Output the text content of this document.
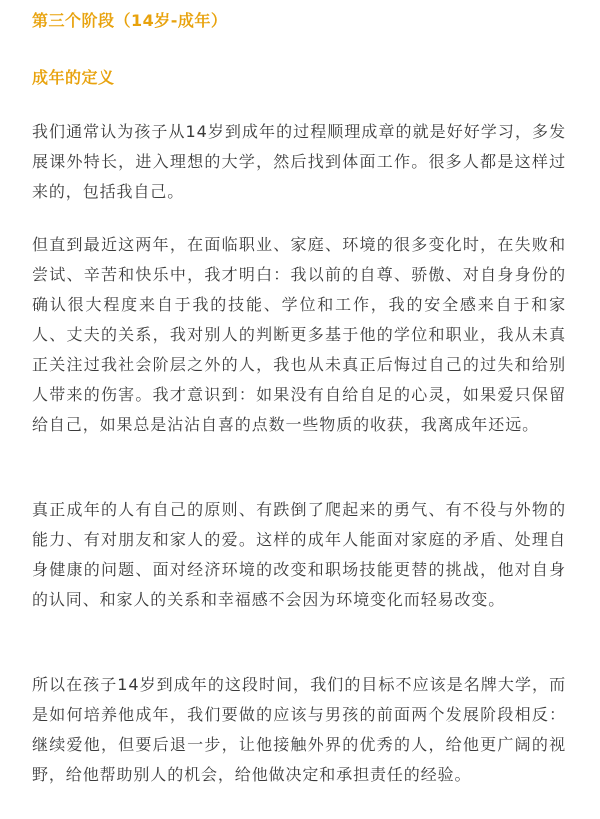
第三个阶段（14岁-成年）
成年的定义

我们通常认为孩子从14岁到成年的过程顺理成章的就是好好学习，多发展课外特长，进入理想的大学，然后找到体面工作。很多人都是这样过来的，包括我自己。

但直到最近这两年，在面临职业、家庭、环境的很多变化时，在失败和尝试、辛苦和快乐中，我才明白：我以前的自尊、骄傲、对自身身份的确认很大程度来自于我的技能、学位和工作，我的安全感来自于和家人、丈夫的关系，我对别人的判断更多基于他的学位和职业，我从未真正关注过我社会阶层之外的人，我也从未真正后悔过自己的过失和给别人带来的伤害。我才意识到：如果没有自给自足的心灵，如果爱只保留给自己，如果总是沾沾自喜的点数一些物质的收获，我离成年还远。

真正成年的人有自己的原则、有跌倒了爬起来的勇气、有不役与外物的能力、有对朋友和家人的爱。这样的成年人能面对家庭的矛盾、处理自身健康的问题、面对经济环境的改变和职场技能更替的挑战，他对自身的认同、和家人的关系和幸福感不会因为环境变化而轻易改变。

所以在孩子14岁到成年的这段时间，我们的目标不应该是名牌大学，而是如何培养他成年，我们要做的应该与男孩的前面两个发展阶段相反：继续爱他，但要后退一步，让他接触外界的优秀的人，给他更广阔的视野，给他帮助别人的机会，给他做决定和承担责任的经验。
